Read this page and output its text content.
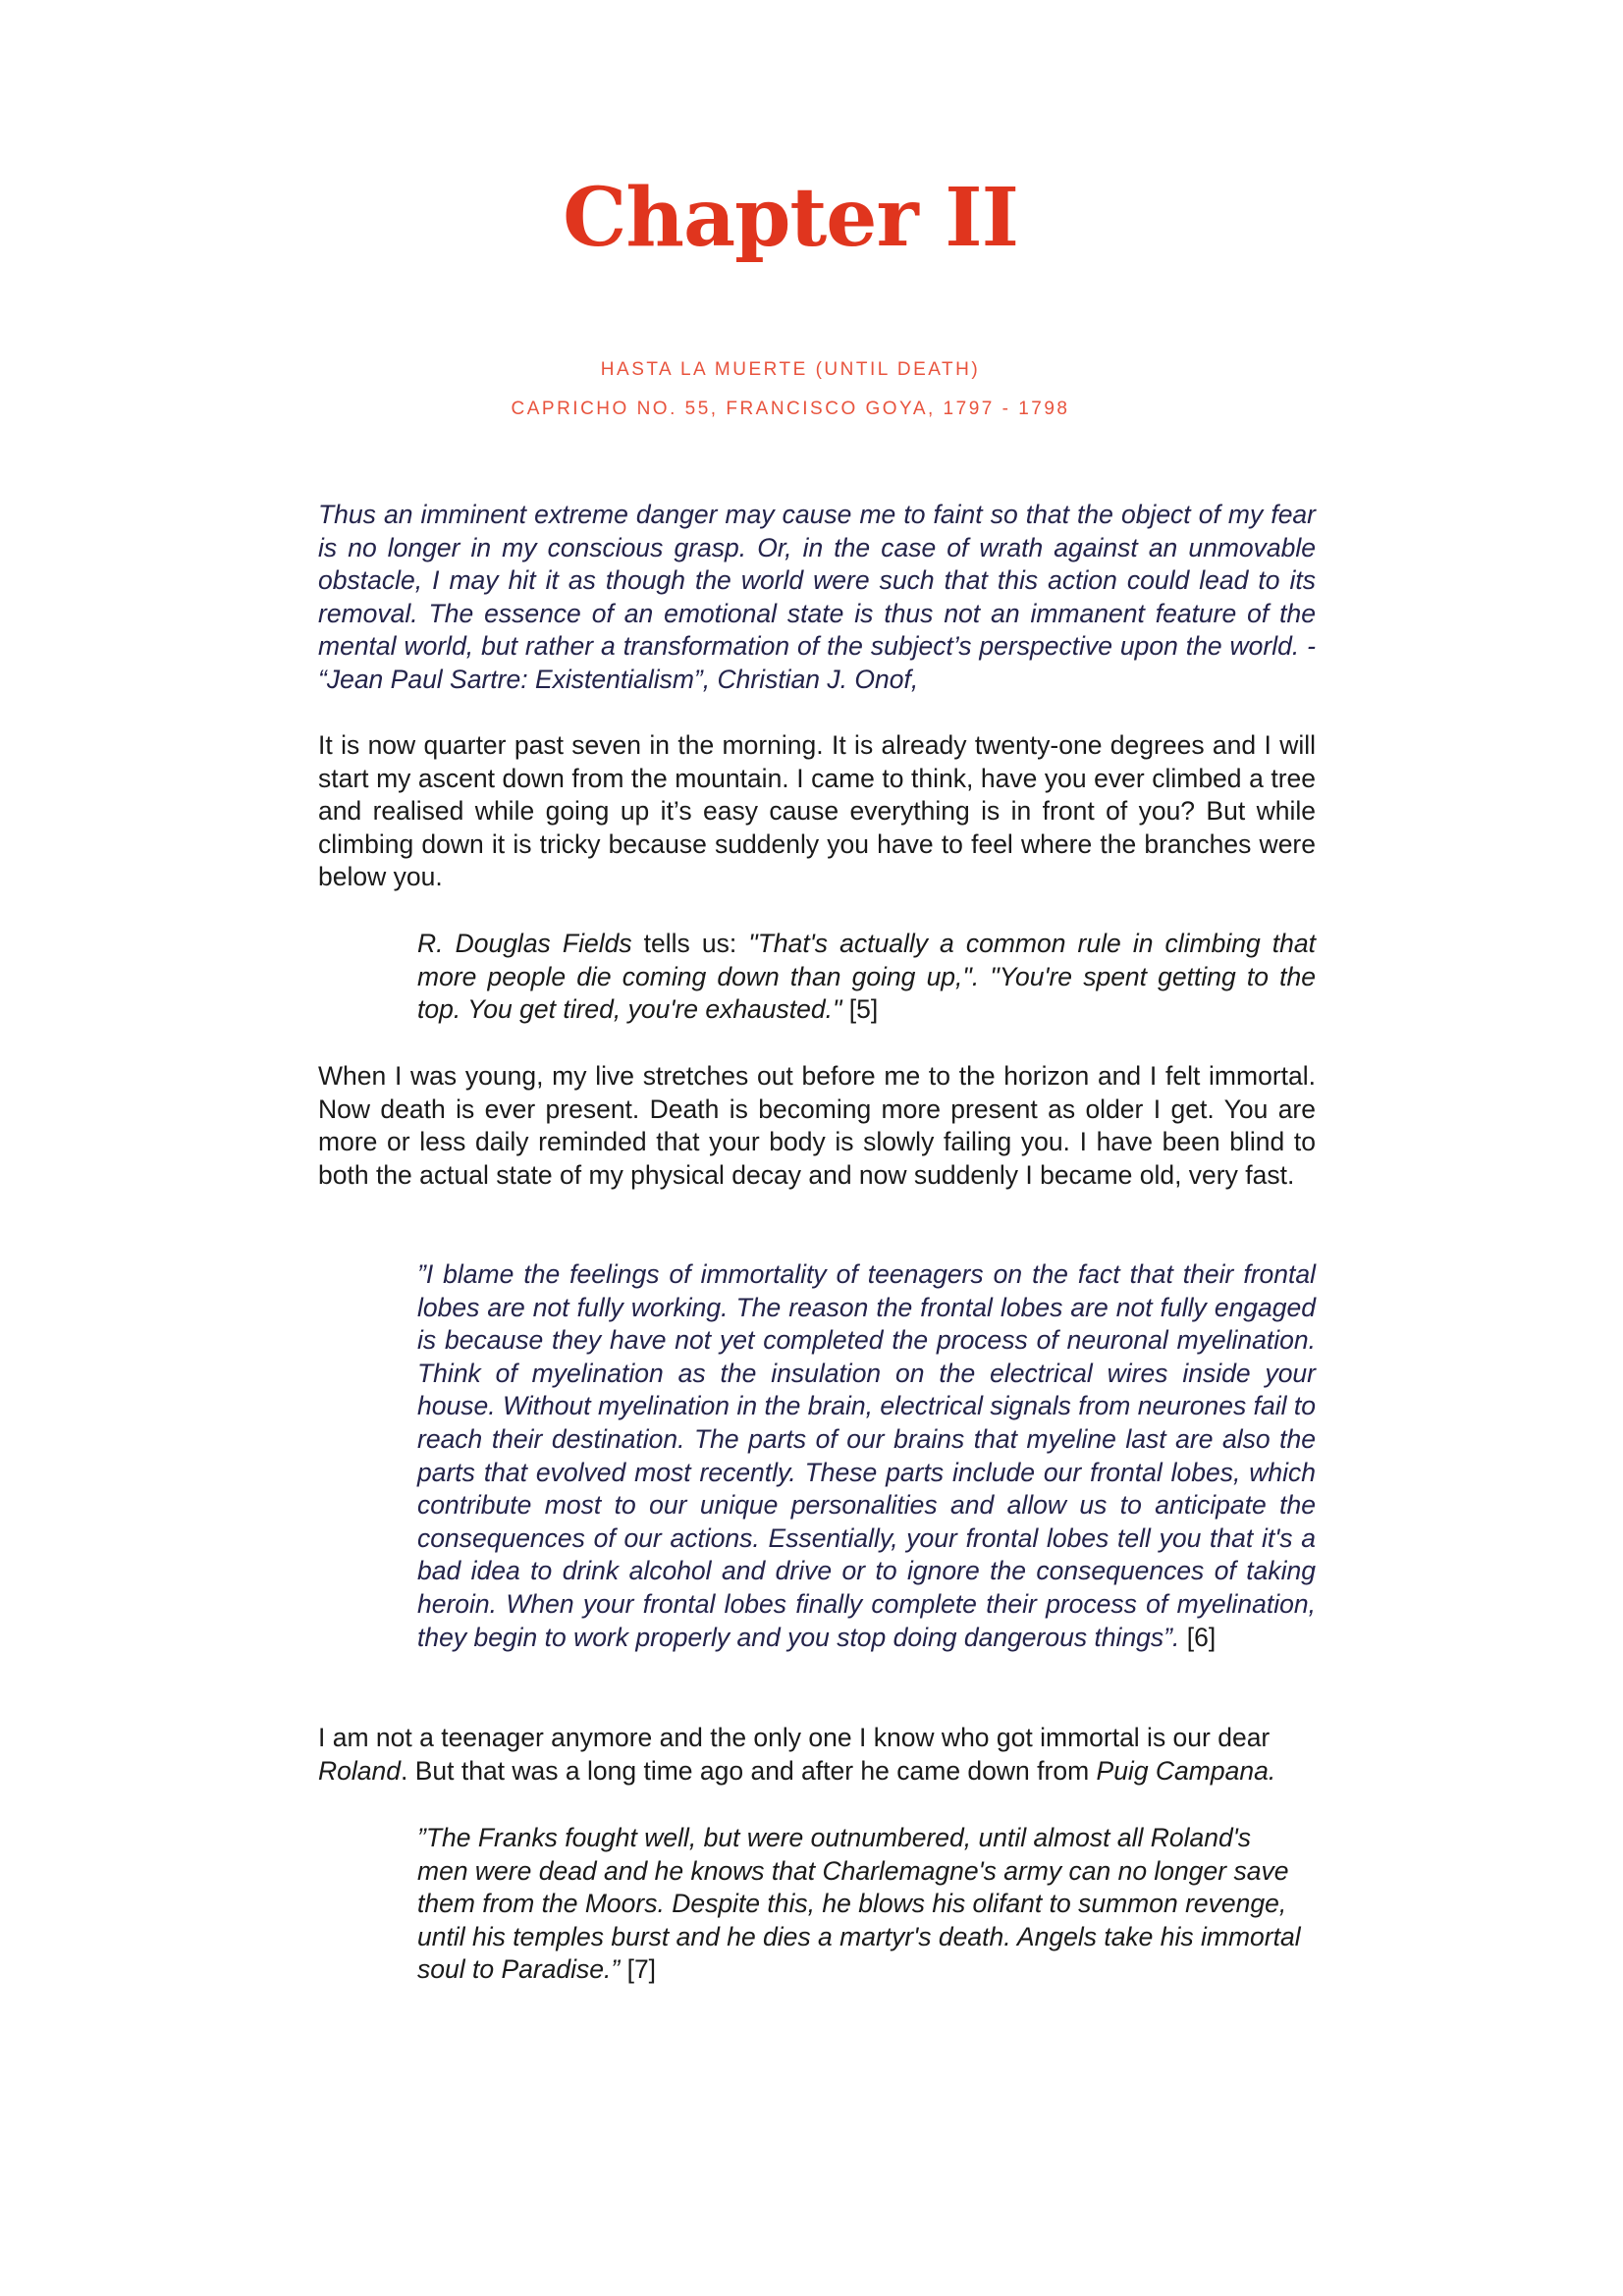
Chapter II

HASTA LA MUERTE (UNTIL DEATH)

CAPRICHO NO. 55, FRANCISCO GOYA, 1797 - 1798

Thus an imminent extreme danger may cause me to faint so that the object of my fear is no longer in my conscious grasp. Or, in the case of wrath against an unmovable obstacle, I may hit it as though the world were such that this action could lead to its removal. The essence of an emotional state is thus not an immanent feature of the mental world, but rather a transformation of the subject’s perspective upon the world. - “Jean Paul Sartre: Existentialism”, Christian J. Onof,

It is now quarter past seven in the morning. It is already twenty-one degrees and I will start my ascent down from the mountain. I came to think, have you ever climbed a tree and realised while going up it’s easy cause everything is in front of you? But while climbing down it is tricky because suddenly you have to feel where the branches were below you.

R. Douglas Fields tells us: "That's actually a common rule in climbing that more people die coming down than going up,". "You're spent getting to the top. You get tired, you're exhausted." [5]

When I was young, my live stretches out before me to the horizon and I felt immortal. Now death is ever present. Death is becoming more present as older I get. You are more or less daily reminded that your body is slowly failing you. I have been blind to both the actual state of my physical decay and now suddenly I became old, very fast.

”I blame the feelings of immortality of teenagers on the fact that their frontal lobes are not fully working. The reason the frontal lobes are not fully engaged is because they have not yet completed the process of neuronal myelination. Think of myelination as the insulation on the electrical wires inside your house. Without myelination in the brain, electrical signals from neurones fail to reach their destination. The parts of our brains that myeline last are also the parts that evolved most recently. These parts include our frontal lobes, which contribute most to our unique personalities and allow us to anticipate the consequences of our actions. Essentially, your frontal lobes tell you that it's a bad idea to drink alcohol and drive or to ignore the consequences of taking heroin. When your frontal lobes finally complete their process of myelination, they begin to work properly and you stop doing dangerous things”. [6]

I am not a teenager anymore and the only one I know who got immortal is our dear Roland. But that was a long time ago and after he came down from Puig Campana.

”The Franks fought well, but were outnumbered, until almost all Roland's men were dead and he knows that Charlemagne's army can no longer save them from the Moors. Despite this, he blows his olifant to summon revenge, until his temples burst and he dies a martyr's death. Angels take his immortal soul to Paradise.” [7]
